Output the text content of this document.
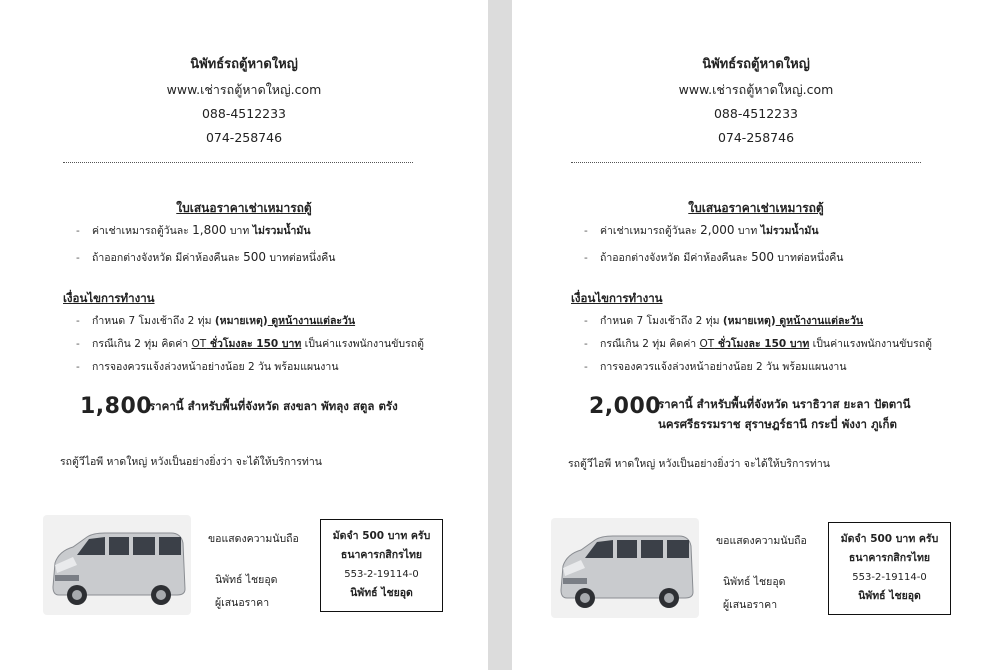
นิพัทธ์รถตู้หาดใหญ่
www.เช่ารถตู้หาดใหญ่.com
088-4512233
074-258746
ใบเสนอราคาเช่าเหมารถตู้
- ค่าเช่าเหมารถตู้วันละ 1,800 บาท ไม่รวมน้ำมัน
- ถ้าออกต่างจังหวัด มีค่าห้องคืนละ 500 บาทต่อหนึ่งคืน
เงื่อนไขการทำงาน
- กำหนด 7 โมงเช้าถึง 2 ทุ่ม (หมายเหตุ) ดูหน้างานแต่ละวัน
- กรณีเกิน 2 ทุ่ม คิดค่า OT ชั่วโมงละ 150 บาท เป็นค่าแรงพนักงานขับรถตู้
- การจองควรแจ้งล่วงหน้าอย่างน้อย 2 วัน พร้อมแผนงาน
1,800
ราคานี้ สำหรับพื้นที่จังหวัด สงขลา พัทลุง สตูล ตรัง
รถตู้วีไอพี หาดใหญ่ หวังเป็นอย่างยิ่งว่า จะได้ให้บริการท่าน
ขอแสดงความนับถือ
นิพัทธ์ ไชยอุด
ผู้เสนอราคา
มัดจำ 500 บาท ครับ
ธนาคารกสิกรไทย
553-2-19114-0
นิพัทธ์ ไชยอุด
นิพัทธ์รถตู้หาดใหญ่
www.เช่ารถตู้หาดใหญ่.com
088-4512233
074-258746
ใบเสนอราคาเช่าเหมารถตู้
- ค่าเช่าเหมารถตู้วันละ 2,000 บาท ไม่รวมน้ำมัน
- ถ้าออกต่างจังหวัด มีค่าห้องคืนละ 500 บาทต่อหนึ่งคืน
เงื่อนไขการทำงาน
- กำหนด 7 โมงเช้าถึง 2 ทุ่ม (หมายเหตุ) ดูหน้างานแต่ละวัน
- กรณีเกิน 2 ทุ่ม คิดค่า OT ชั่วโมงละ 150 บาท เป็นค่าแรงพนักงานขับรถตู้
- การจองควรแจ้งล่วงหน้าอย่างน้อย 2 วัน พร้อมแผนงาน
2,000
ราคานี้ สำหรับพื้นที่จังหวัด นราธิวาส ยะลา ปัตตานี
นครศรีธรรมราช สุราษฎร์ธานี กระบี่ พังงา ภูเก็ต
รถตู้วีไอพี หาดใหญ่ หวังเป็นอย่างยิ่งว่า จะได้ให้บริการท่าน
ขอแสดงความนับถือ
นิพัทธ์ ไชยอุด
ผู้เสนอราคา
มัดจำ 500 บาท ครับ
ธนาคารกสิกรไทย
553-2-19114-0
นิพัทธ์ ไชยอุด
